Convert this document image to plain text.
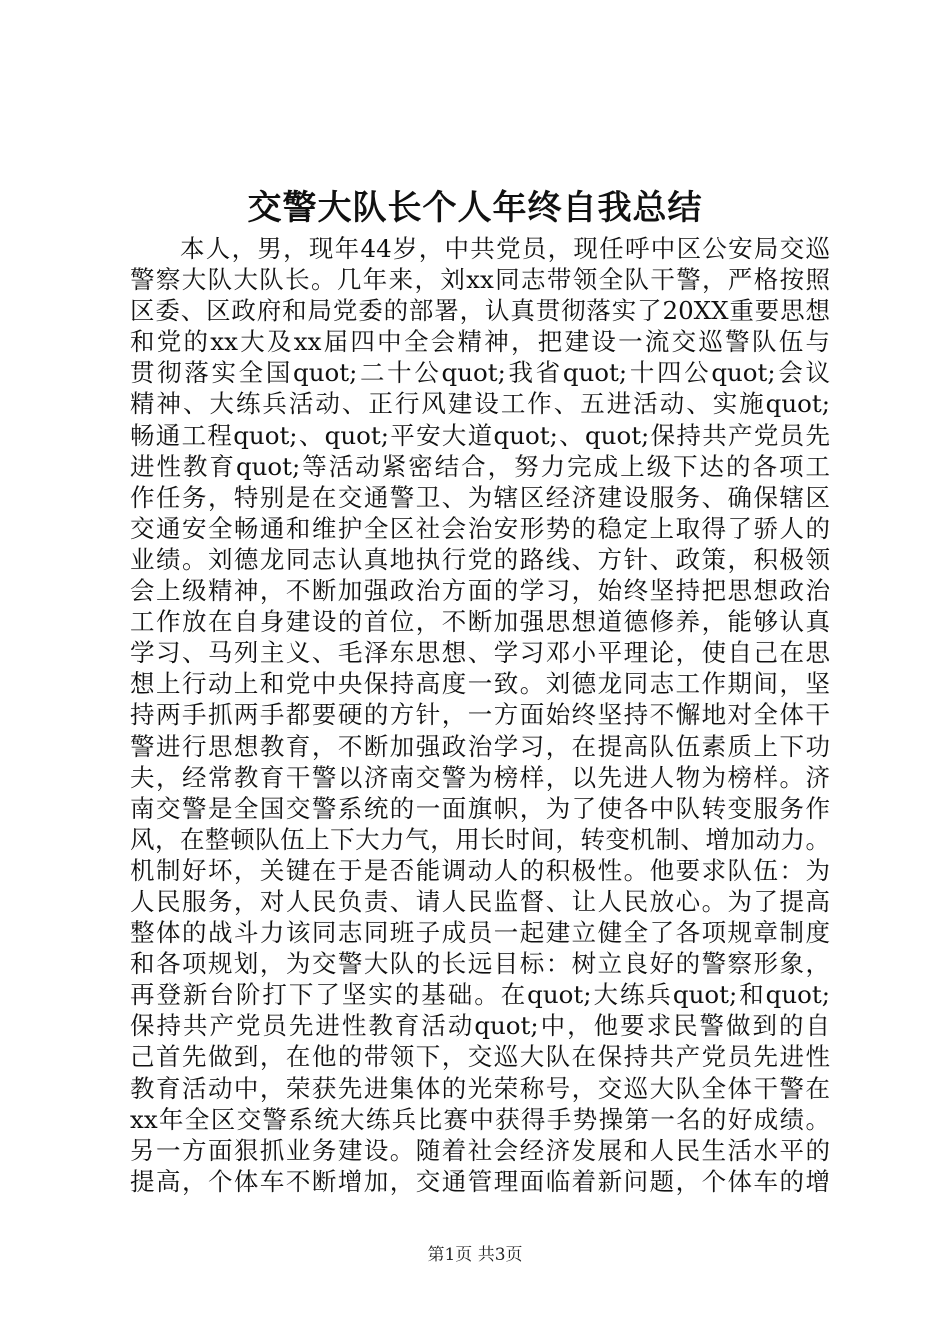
交警大队长个人年终自我总结
本人，男，现年44岁，中共党员，现任呼中区公安局交巡
警察大队大队长。几年来，刘xx同志带领全队干警，严格按照
区委、区政府和局党委的部署，认真贯彻落实了20XX重要思想
和党的xx大及xx届四中全会精神，把建设一流交巡警队伍与
贯彻落实全国quot;二十公quot;我省quot;十四公quot;会议
精神、大练兵活动、正行风建设工作、五进活动、实施quot;
畅通工程quot;、quot;平安大道quot;、quot;保持共产党员先
进性教育quot;等活动紧密结合，努力完成上级下达的各项工
作任务，特别是在交通警卫、为辖区经济建设服务、确保辖区
交通安全畅通和维护全区社会治安形势的稳定上取得了骄人的
业绩。刘德龙同志认真地执行党的路线、方针、政策，积极领
会上级精神，不断加强政治方面的学习，始终坚持把思想政治
工作放在自身建设的首位，不断加强思想道德修养，能够认真
学习、马列主义、毛泽东思想、学习邓小平理论，使自己在思
想上行动上和党中央保持高度一致。刘德龙同志工作期间，坚
持两手抓两手都要硬的方针，一方面始终坚持不懈地对全体干
警进行思想教育，不断加强政治学习，在提高队伍素质上下功
夫，经常教育干警以济南交警为榜样，以先进人物为榜样。济
南交警是全国交警系统的一面旗帜，为了使各中队转变服务作
风，在整顿队伍上下大力气，用长时间，转变机制、增加动力。
机制好坏，关键在于是否能调动人的积极性。他要求队伍：为
人民服务，对人民负责、请人民监督、让人民放心。为了提高
整体的战斗力该同志同班子成员一起建立健全了各项规章制度
和各项规划，为交警大队的长远目标：树立良好的警察形象，
再登新台阶打下了坚实的基础。在quot;大练兵quot;和quot;
保持共产党员先进性教育活动quot;中，他要求民警做到的自
己首先做到，在他的带领下，交巡大队在保持共产党员先进性
教育活动中，荣获先进集体的光荣称号，交巡大队全体干警在
xx年全区交警系统大练兵比赛中获得手势操第一名的好成绩。
另一方面狠抓业务建设。随着社会经济发展和人民生活水平的
提高，个体车不断增加，交通管理面临着新问题，个体车的增
第1页 共3页
